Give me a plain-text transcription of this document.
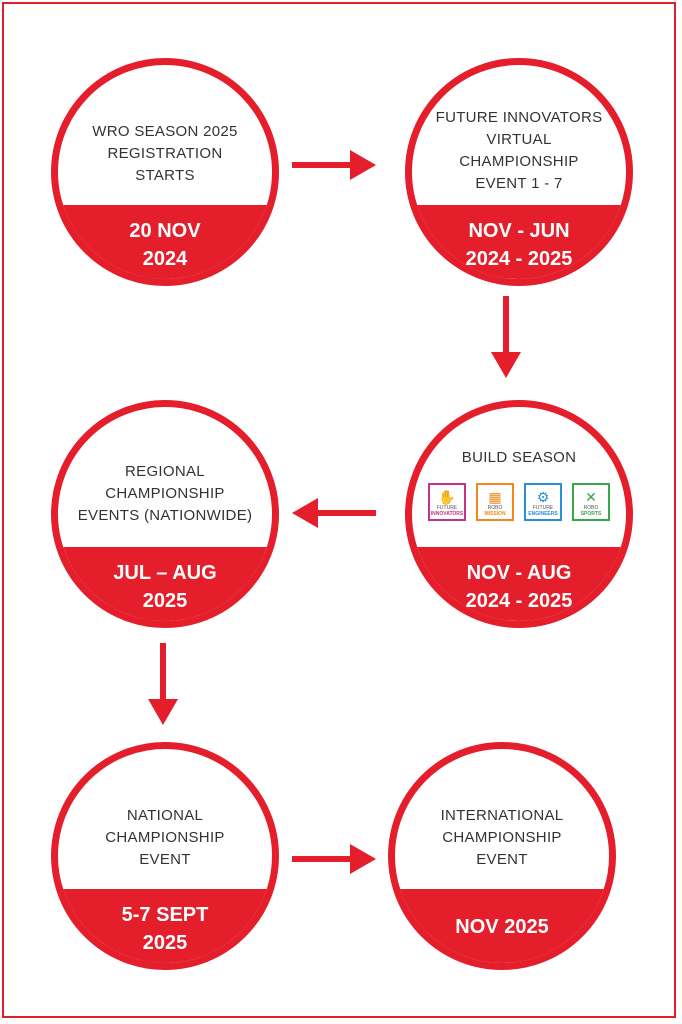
WRO SEASON 2025
REGISTRATION
STARTS
20 NOV
2024
FUTURE INNOVATORS
VIRTUAL
CHAMPIONSHIP
EVENT 1 - 7
NOV - JUN
2024 - 2025
BUILD SEASON
✋
FUTURE
INNOVATORS
▦
ROBO
MISSION
⚙
FUTURE
ENGINEERS
✕
ROBO
SPORTS
NOV - AUG
2024 - 2025
REGIONAL
CHAMPIONSHIP
EVENTS (NATIONWIDE)
JUL – AUG
2025
NATIONAL
CHAMPIONSHIP
EVENT
5-7 SEPT
2025
INTERNATIONAL
CHAMPIONSHIP
EVENT
NOV 2025
